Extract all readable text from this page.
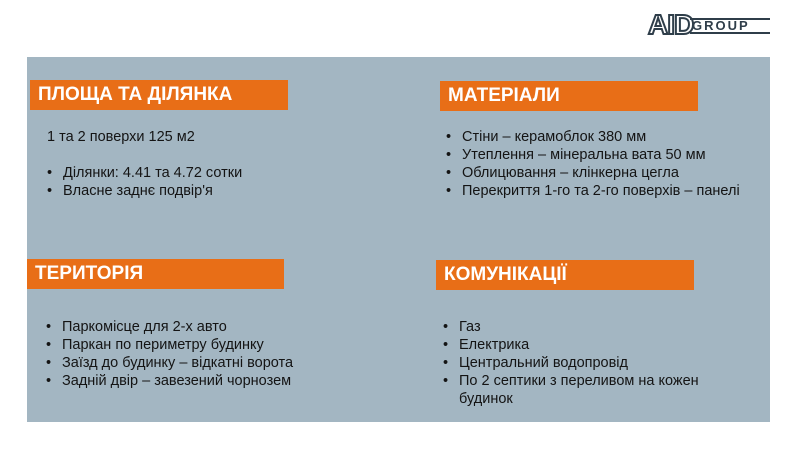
AID
GROUP
ПЛОЩА ТА ДІЛЯНКА
1 та 2 поверхи 125 м2
• Ділянки: 4.41 та 4.72 сотки
• Власне заднє подвір'я
МАТЕРІАЛИ
• Стіни – керамоблок 380 мм
• Утеплення – мінеральна вата 50 мм
• Облицювання – клінкерна цегла
• Перекриття 1-го та 2-го поверхів – панелі
ТЕРИТОРІЯ
• Паркомісце для 2-х авто
• Паркан по периметру будинку
• Заїзд до будинку – відкатні ворота
• Задній двір – завезений чорнозем
КОМУНІКАЦІЇ
• Газ
• Електрика
• Центральний водопровід
• По 2 септики з переливом на кожен будинок
